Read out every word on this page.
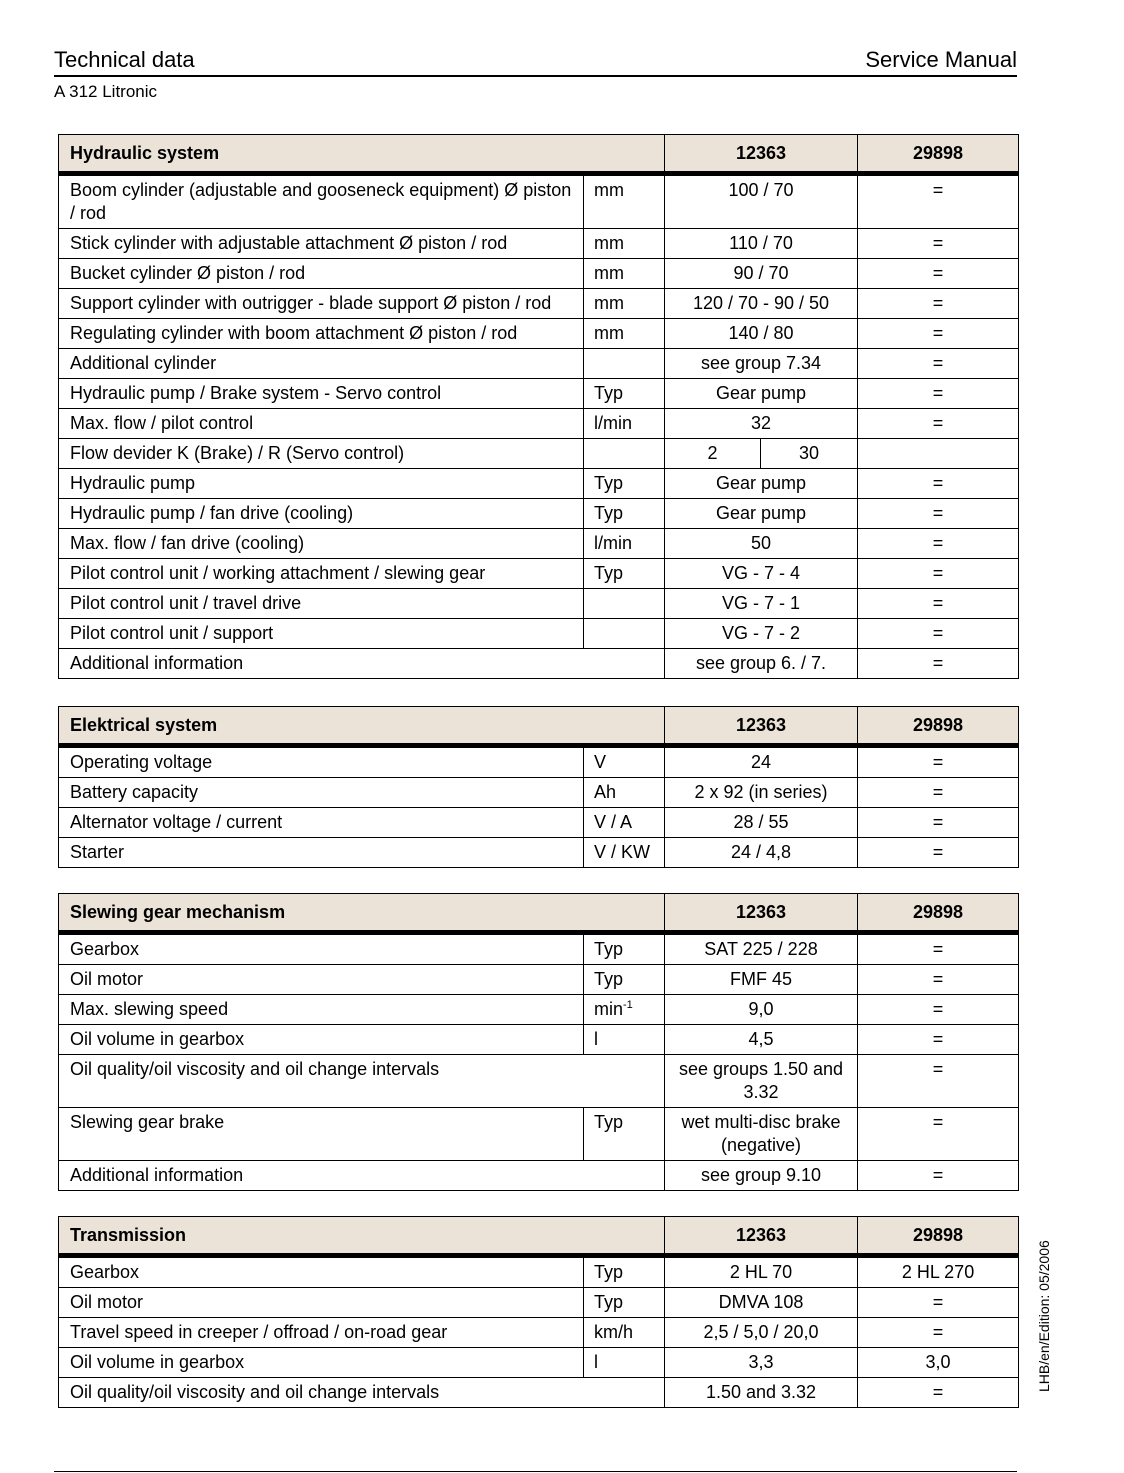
Technical data	Service Manual
A 312 Litronic
Hydraulic system		12363		29898
Boom cylinder (adjustable and gooseneck equipment) Ø piston / rod	mm	100 / 70		=
Stick cylinder with adjustable attachment Ø piston / rod	mm	110 / 70		=
Bucket cylinder Ø piston / rod	mm	90 / 70		=
Support cylinder with outrigger - blade support Ø piston / rod	mm	120 / 70 - 90 / 50		=
Regulating cylinder with boom attachment Ø piston / rod	mm	140 / 80		=
Additional cylinder		see group 7.34		=
Hydraulic pump / Brake system - Servo control	Typ	Gear pump		=
Max. flow / pilot control	l/min	32		=
Flow devider K (Brake) / R (Servo control)		2	30	
Hydraulic pump	Typ	Gear pump		=
Hydraulic pump / fan drive (cooling)	Typ	Gear pump		=
Max. flow / fan drive (cooling)	l/min	50		=
Pilot control unit / working attachment / slewing gear	Typ	VG - 7 - 4		=
Pilot control unit / travel drive		VG - 7 - 1		=
Pilot control unit / support		VG - 7 - 2		=
Additional information		see group 6. / 7.		=
Elektrical system		12363	29898
Operating voltage	V	24	=
Battery capacity	Ah	2 x 92 (in series)	=
Alternator voltage / current	V / A	28 / 55	=
Starter	V / KW	24 / 4,8	=
Slewing gear mechanism		12363	29898
Gearbox	Typ	SAT 225 / 228	=
Oil motor	Typ	FMF 45	=
Max. slewing speed	$\min^{-1}$	9,0	=
Oil volume in gearbox	l	4,5	=
Oil quality/oil viscosity and oil change intervals		see groups 1.50 and 3.32	=
Slewing gear brake	Typ	wet multi-disc brake (negative)	=
Additional information		see group 9.10	=
Transmission		12363	29898
Gearbox	Typ	2 HL 70	2 HL 270
Oil motor	Typ	DMVA 108	=
Travel speed in creeper / offroad / on-road gear	km/h	2,5 / 5,0 / 20,0	=
Oil volume in gearbox	l	3,3	3,0
Oil quality/oil viscosity and oil change intervals		1.50 and 3.32	=	LHB/en/Edition: 05/2006
